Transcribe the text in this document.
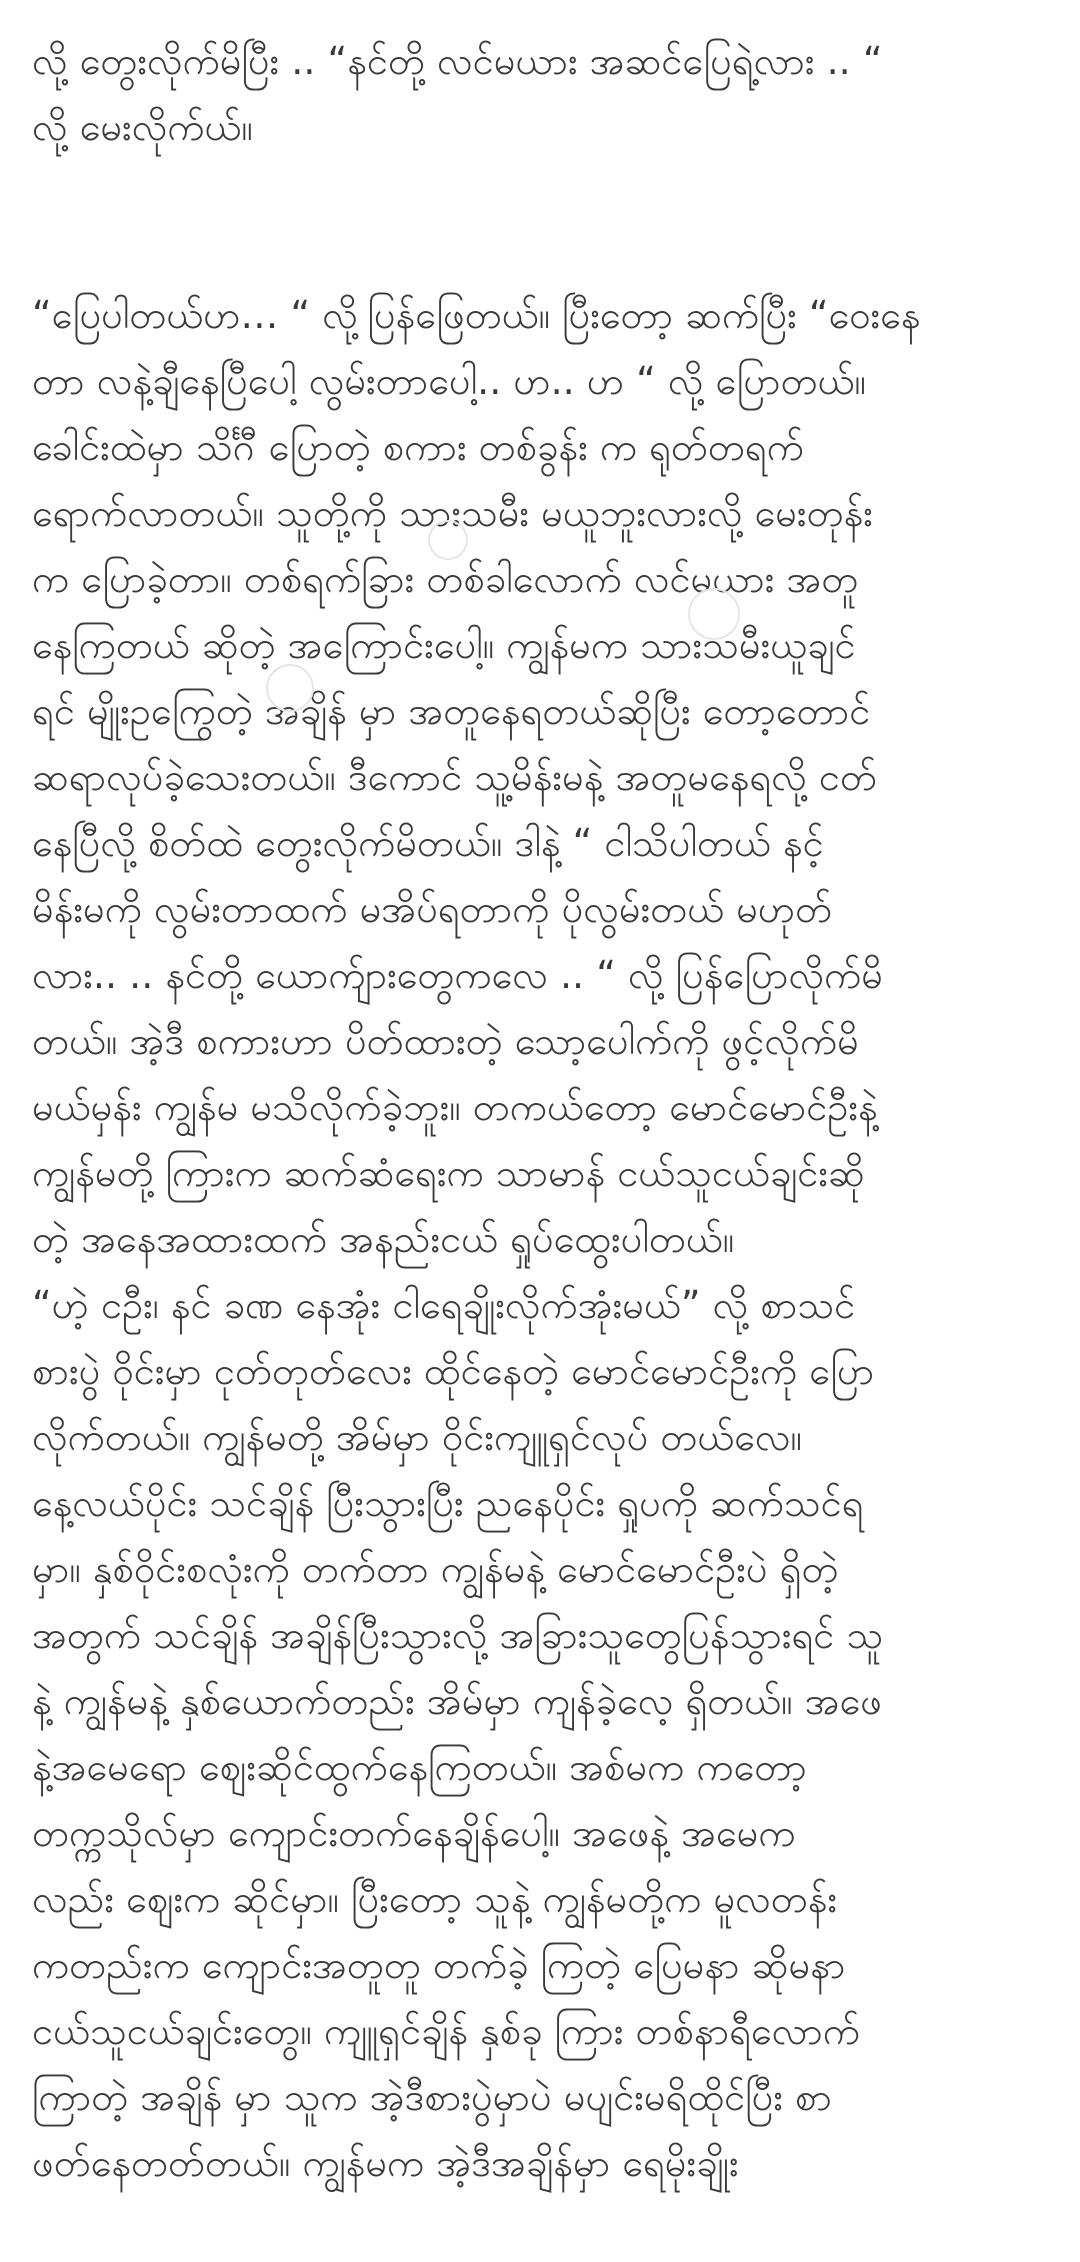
လို့ တွေးလိုက်မိပြီး .. “နင်တို့ လင်မယား အဆင်ပြေရဲ့လား .. “
လို့ မေးလိုက်ယ်။
“ပြေပါတယ်ဟ… “ လို့ပြန်ဖြေတယ်။ ပြီးတော့ ဆက်ပြီး “ဝေးနေ
တာ လနဲ့ချီနေပြီပေါ့ လွမ်းတာပေါ့.. ဟ.. ဟ “ လို့ ပြောတယ်။
ခေါင်းထဲမှာ သိင်္ဂီ ပြောတဲ့ စကား တစ်ခွန်း က ရုတ်တရက်
ရောက်လာတယ်။ သူတို့ကို သားသမီး မယူဘူးလားလို့ မေးတုန်း
က ပြောခဲ့တာ။ တစ်ရက်ခြား တစ်ခါလောက် လင်မယား အတူ
နေကြတယ် ဆိုတဲ့ အကြောင်းပေါ့။ ကျွန်မက သားသမီးယူချင်
ရင် မျိုးဥကြွေတဲ့ အချိန် မှာ အတူနေရတယ်ဆိုပြီး တော့တောင်
ဆရာလုပ်ခဲ့သေးတယ်။ ဒီကောင် သူ့မိန်းမနဲ့ အတူမနေရလို့ ငတ်
နေပြီလို့ စိတ်ထဲ တွေးလိုက်မိတယ်။ ဒါနဲ့ “ ငါသိပါတယ် နင့်
မိန်းမကို လွမ်းတာထက် မအိပ်ရတာကို ပိုလွမ်းတယ် မဟုတ်
လား.. .. နင်တို့ ယောက်ျားတွေကလေ .. “ လို့ ပြန်ပြောလိုက်မိ
တယ်။ အဲ့ဒီ စကားဟာ ပိတ်ထားတဲ့ သော့ပေါက်ကို ဖွင့်လိုက်မိ
မယ်မှန်း ကျွန်မ မသိလိုက်ခဲ့ဘူး။ တကယ်တော့ မောင်မောင်ဦးနဲ့
ကျွန်မတို့ ကြားက ဆက်ဆံရေးက သာမာန် ငယ်သူငယ်ချင်းဆို
တဲ့ အနေအထားထက် အနည်းငယ် ရှုပ်ထွေးပါတယ်။
“ဟဲ့ ငဦး၊ နင် ခဏ နေအုံး ငါရေချိုးလိုက်အုံးမယ်” လို့ စာသင်
စားပွဲ ဝိုင်းမှာ ငုတ်တုတ်လေး ထိုင်နေတဲ့ မောင်မောင်ဦးကို ပြော
လိုက်တယ်။ ကျွန်မတို့ အိမ်မှာ ဝိုင်းကျူရှင်လုပ် တယ်လေ။
နေ့လယ်ပိုင်း သင်ချိန် ပြီးသွားပြီး ညနေပိုင်း ရှုပကို ဆက်သင်ရ
မှာ။ နှစ်ဝိုင်းစလုံးကို တက်တာ ကျွန်မနဲ့ မောင်မောင်ဦးပဲ ရှိတဲ့
အတွက် သင်ချိန် အချိန်ပြီးသွားလို့ အခြားသူတွေပြန်သွားရင် သူ
နဲ့ ကျွန်မနဲ့ နှစ်ယောက်တည်း အိမ်မှာ ကျန်ခဲ့လေ့ ရှိတယ်။ အဖေ
နဲ့အမေရော ဈေးဆိုင်ထွက်နေကြတယ်။ အစ်မက ကတော့
တက္ကသိုလ်မှာ ကျောင်းတက်နေချိန်ပေါ့။ အဖေနဲ့ အမေက
လည်း ဈေးက ဆိုင်မှာ။ ပြီးတော့ သူနဲ့ ကျွန်မတို့က မူလတန်း
ကတည်းက ကျောင်းအတူတူ တက်ခဲ့ ကြတဲ့ ပြေမနာ ဆိုမနာ
ငယ်သူငယ်ချင်းတွေ။ ကျူရှင်ချိန် နှစ်ခု ကြား တစ်နာရီလောက်
ကြာတဲ့ အချိန် မှာ သူက အဲ့ဒီစားပွဲမှာပဲ မပျင်းမရိထိုင်ပြီး စာ
ဖတ်နေတတ်တယ်။ ကျွန်မက အဲ့ဒီအချိန်မှာ ရေမိုးချိုး
